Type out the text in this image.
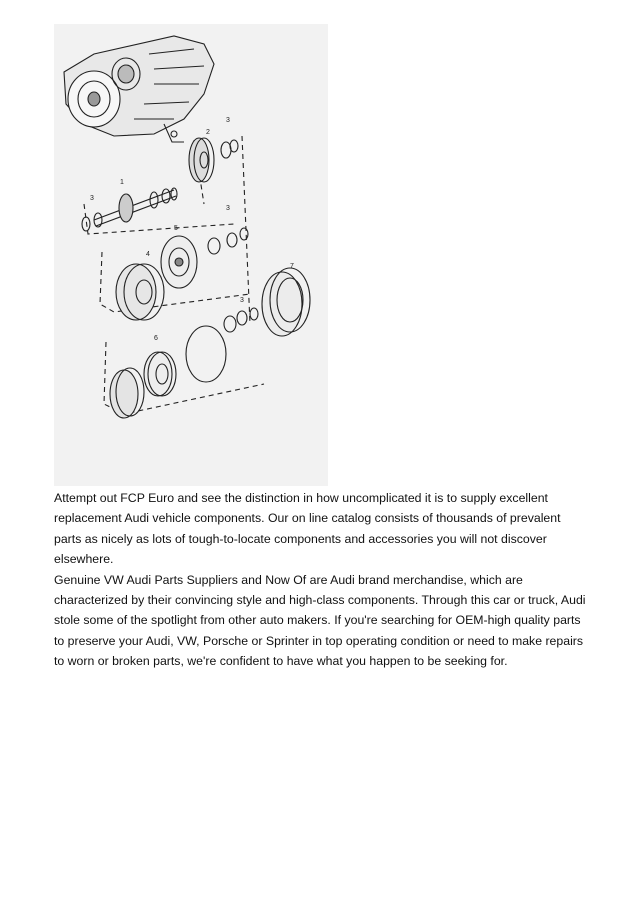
1
2
3
3
3
3
4
5
6
7

Attempt out FCP Euro and see the distinction in how uncomplicated it is to supply excellent replacement Audi vehicle components. Our on line catalog consists of thousands of prevalent parts as nicely as lots of tough-to-locate components and accessories you will not discover elsewhere.

Genuine VW Audi Parts Suppliers and Now Of are Audi brand merchandise, which are characterized by their convincing style and high-class components. Through this car or truck, Audi stole some of the spotlight from other auto makers. If you're searching for OEM-high quality parts to preserve your Audi, VW, Porsche or Sprinter in top operating condition or need to make repairs to worn or broken parts, we're confident to have what you happen to be seeking for.
